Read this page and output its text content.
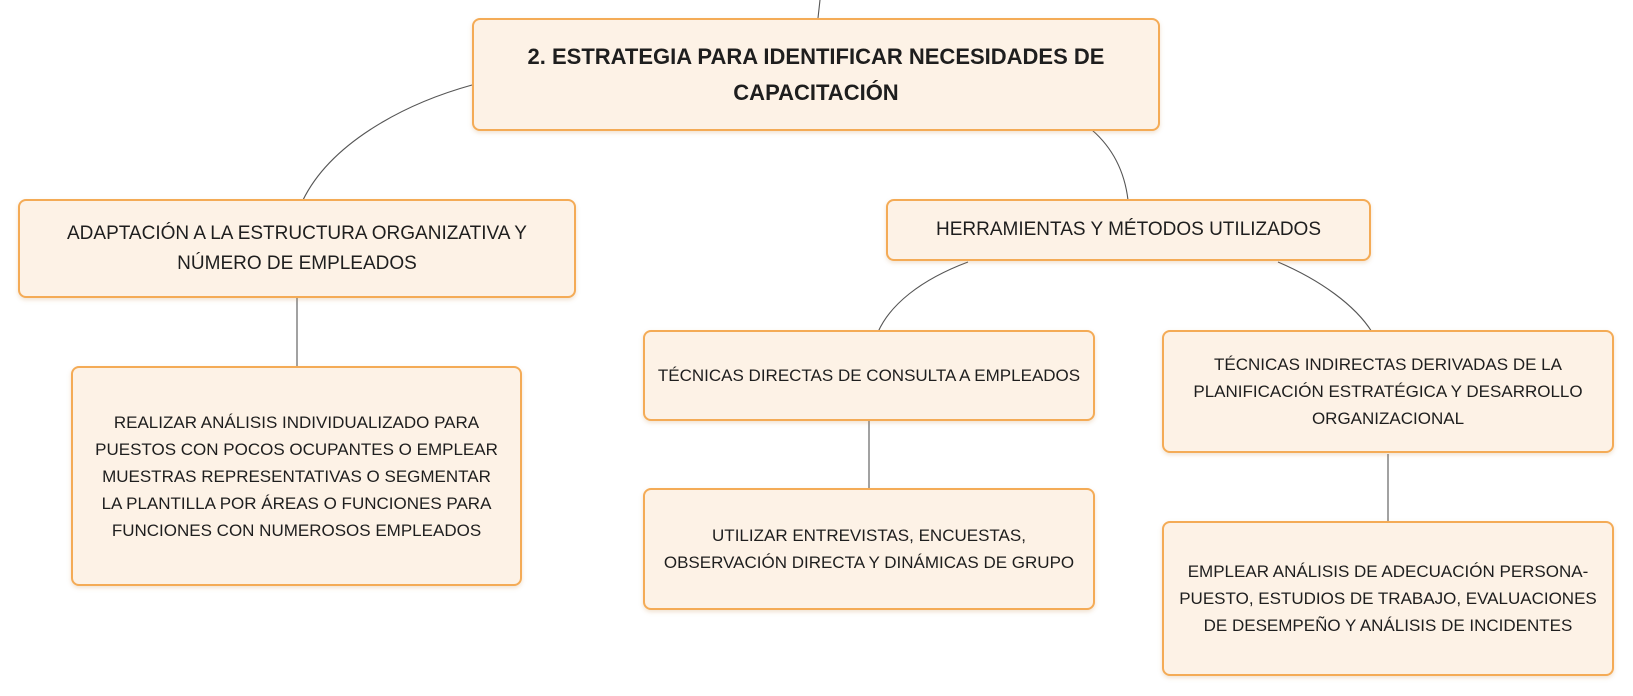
2. ESTRATEGIA PARA IDENTIFICAR NECESIDADES DE CAPACITACIÓN
ADAPTACIÓN A LA ESTRUCTURA ORGANIZATIVA Y NÚMERO DE EMPLEADOS
HERRAMIENTAS Y MÉTODOS UTILIZADOS
REALIZAR ANÁLISIS INDIVIDUALIZADO PARA PUESTOS CON POCOS OCUPANTES O EMPLEAR MUESTRAS REPRESENTATIVAS O SEGMENTAR LA PLANTILLA POR ÁREAS O FUNCIONES PARA FUNCIONES CON NUMEROSOS EMPLEADOS
TÉCNICAS DIRECTAS DE CONSULTA A EMPLEADOS
TÉCNICAS INDIRECTAS DERIVADAS DE LA PLANIFICACIÓN ESTRATÉGICA Y DESARROLLO ORGANIZACIONAL
UTILIZAR ENTREVISTAS, ENCUESTAS, OBSERVACIÓN DIRECTA Y DINÁMICAS DE GRUPO	EMPLEAR ANÁLISIS DE ADECUACIÓN PERSONA-PUESTO, ESTUDIOS DE TRABAJO, EVALUACIONES DE DESEMPEÑO Y ANÁLISIS DE INCIDENTES
